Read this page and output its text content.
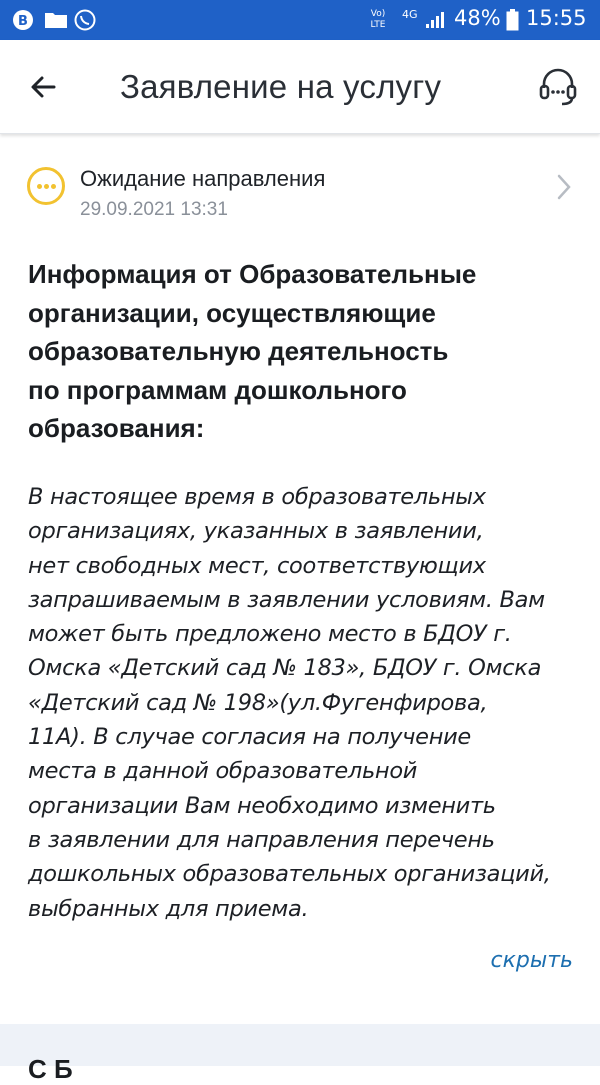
В	Vo) LTE
4G 48% 15:55
Заявление на услугу
Ожидание направления
29.09.2021 13:31
Информация от Образовательные
организации, осуществляющие
образовательную деятельность
по программам дошкольного
образования:
В настоящее время в образовательных
организациях, указанных в заявлении,
нет свободных мест, соответствующих
запрашиваемым в заявлении условиям. Вам
может быть предложено место в БДОУ г.
Омска «Детский сад № 183», БДОУ г. Омска
«Детский сад № 198»(ул.Фугенфирова,
11А). В случае согласия на получение
места в данной образовательной
организации Вам необходимо изменить
в заявлении для направления перечень
дошкольных образовательных организаций,
выбранных для приема.
скрыть
С Б
